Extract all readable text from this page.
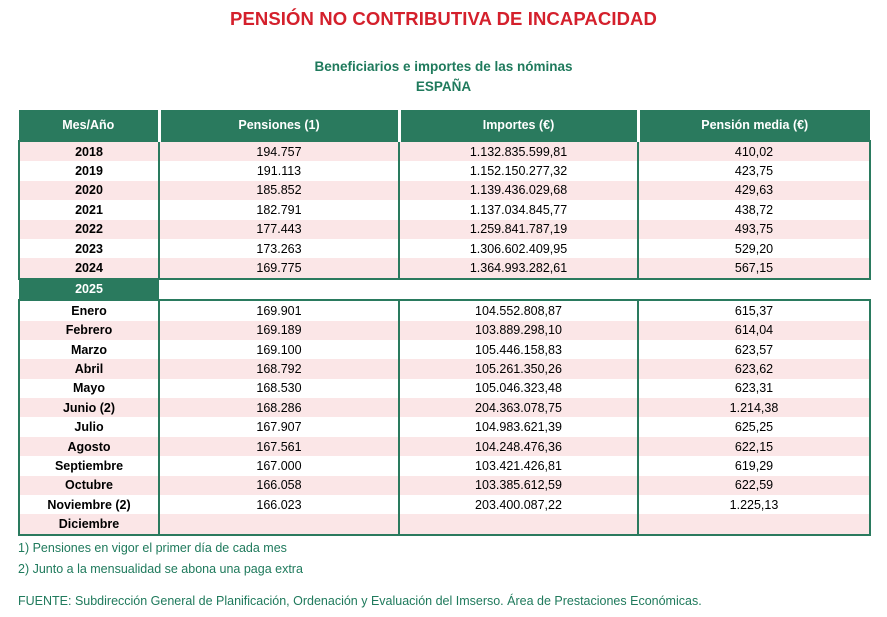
PENSIÓN NO CONTRIBUTIVA DE INCAPACIDAD

Beneficiarios e importes de las nóminas

ESPAÑA

Mes/Año	Pensiones (1)	Importes (€)	Pensión media (€)
2018	194.757	1.132.835.599,81	410,02
2019	191.113	1.152.150.277,32	423,75
2020	185.852	1.139.436.029,68	429,63
2021	182.791	1.137.034.845,77	438,72
2022	177.443	1.259.841.787,19	493,75
2023	173.263	1.306.602.409,95	529,20
2024	169.775	1.364.993.282,61	567,15
2025			
Enero	169.901	104.552.808,87	615,37
Febrero	169.189	103.889.298,10	614,04
Marzo	169.100	105.446.158,83	623,57
Abril	168.792	105.261.350,26	623,62
Mayo	168.530	105.046.323,48	623,31
Junio (2)	168.286	204.363.078,75	1.214,38
Julio	167.907	104.983.621,39	625,25
Agosto	167.561	104.248.476,36	622,15
Septiembre	167.000	103.421.426,81	619,29
Octubre	166.058	103.385.612,59	622,59
Noviembre (2)	166.023	203.400.087,22	1.225,13
Diciembre			

1) Pensiones en vigor el primer día de cada mes

2) Junto a la mensualidad se abona una paga extra

FUENTE: Subdirección General de Planificación, Ordenación y Evaluación del Imserso. Área de Prestaciones Económicas.
